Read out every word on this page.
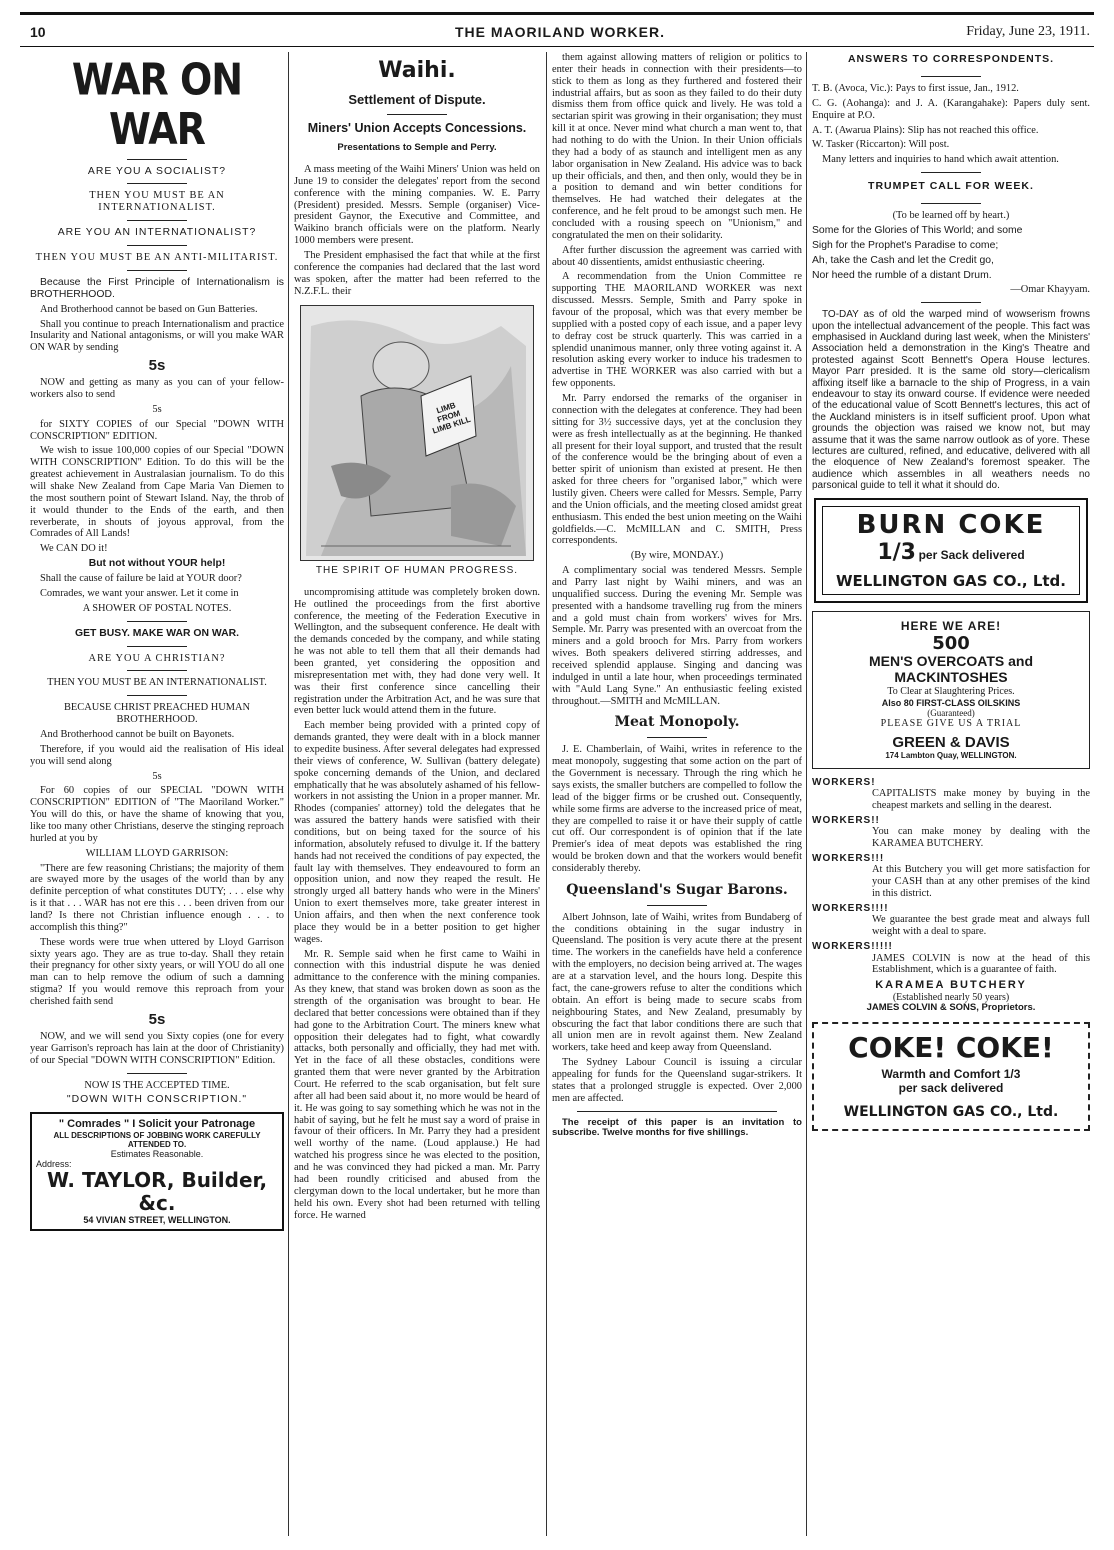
10	THE MAORILAND WORKER.	Friday, June 23, 1911.
WAR ON WAR

ARE YOU A SOCIALIST?

THEN YOU MUST BE AN INTERNATIONALIST.

ARE YOU AN INTERNATIONALIST?

THEN YOU MUST BE AN ANTI-MILITARIST.

Because the First Principle of Internationalism is BROTHERHOOD.

And Brotherhood cannot be based on Gun Batteries.

Shall you continue to preach Internationalism and practice Insularity and National antagonisms, or will you make WAR ON WAR by sending

5s

NOW and getting as many as you can of your fellow-workers also to send

5s

for SIXTY COPIES of our Special "DOWN WITH CONSCRIPTION" EDITION.

We wish to issue 100,000 copies of our Special "DOWN WITH CONSCRIPTION" Edition. To do this will be the greatest achievement in Australasian journalism. To do this will shake New Zealand from Cape Maria Van Diemen to the most southern point of Stewart Island. Nay, the throb of it would thunder to the Ends of the earth, and then reverberate, in shouts of joyous approval, from the Comrades of All Lands!

We CAN DO it!

But not without YOUR help!

Shall the cause of failure be laid at YOUR door?

Comrades, we want your answer. Let it come in

A SHOWER OF POSTAL NOTES.

GET BUSY. MAKE WAR ON WAR.

ARE YOU A CHRISTIAN?

THEN YOU MUST BE AN INTERNATIONALIST.

BECAUSE CHRIST PREACHED HUMAN BROTHERHOOD.

And Brotherhood cannot be built on Bayonets.

Therefore, if you would aid the realisation of His ideal you will send along

5s

For 60 copies of our SPECIAL "DOWN WITH CONSCRIPTION" EDITION of "The Maoriland Worker." You will do this, or have the shame of knowing that you, like too many other Christians, deserve the stinging reproach hurled at you by

WILLIAM LLOYD GARRISON:

"There are few reasoning Christians; the majority of them are swayed more by the usages of the world than by any definite perception of what constitutes DUTY; . . . else why is it that . . . WAR has not ere this . . . been driven from our land? Is there not Christian influence enough . . . to accomplish this thing?"

These words were true when uttered by Lloyd Garrison sixty years ago. They are as true to-day. Shall they retain their pregnancy for other sixty years, or will YOU do all one man can to help remove the odium of such a damning stigma? If you would remove this reproach from your cherished faith send

5s

NOW, and we will send you Sixty copies (one for every year Garrison's reproach has lain at the door of Christianity) of our Special "DOWN WITH CONSCRIPTION" Edition.

NOW IS THE ACCEPTED TIME.

"DOWN WITH CONSCRIPTION."

" Comrades " I Solicit your Patronage
ALL DESCRIPTIONS OF JOBBING WORK CAREFULLY ATTENDED TO.
Estimates Reasonable.
Address:
W. TAYLOR, Builder, &c.
54 VIVIAN STREET, WELLINGTON.
Waihi.
Settlement of Dispute.
Miners' Union Accepts Concessions.
Presentations to Semple and Perry.

A mass meeting of the Waihi Miners' Union was held on June 19 to consider the delegates' report from the second conference with the mining companies. W. E. Parry (President) presided. Messrs. Semple (organiser) Vice-president Gaynor, the Executive and Committee, and Waikino branch officials were on the platform. Nearly 1000 members were present.

The President emphasised the fact that while at the first conference the companies had declared that the last word was spoken, after the matter had been referred to the N.Z.F.L. their

LIMB FROM LIMB KILL
THE SPIRIT OF HUMAN PROGRESS.

uncompromising attitude was completely broken down. He outlined the proceedings from the first abortive conference, the meeting of the Federation Executive in Wellington, and the subsequent conference. He dealt with the demands conceded by the company, and while stating he was not able to tell them that all their demands had been granted, yet considering the opposition and misrepresentation met with, they had done very well. It was their first conference since cancelling their registration under the Arbitration Act, and he was sure that even better luck would attend them in the future.

Each member being provided with a printed copy of demands granted, they were dealt with in a block manner to expedite business. After several delegates had expressed their views of conference, W. Sullivan (battery delegate) spoke concerning demands of the Union, and declared emphatically that he was absolutely ashamed of his fellow-workers in not assisting the Union in a proper manner. Mr. Rhodes (companies' attorney) told the delegates that he was assured the battery hands were satisfied with their conditions, but on being taxed for the source of his information, absolutely refused to divulge it. If the battery hands had not received the conditions of pay expected, the fault lay with themselves. They endeavoured to form an opposition union, and now they reaped the result. He strongly urged all battery hands who were in the Miners' Union to exert themselves more, take greater interest in Union affairs, and then when the next conference took place they would be in a better position to get higher wages.

Mr. R. Semple said when he first came to Waihi in connection with this industrial dispute he was denied admittance to the conference with the mining companies. As they knew, that stand was broken down as soon as the strength of the organisation was brought to bear. He declared that better concessions were obtained than if they had gone to the Arbitration Court. The miners knew what opposition their delegates had to fight, what cowardly attacks, both personally and officially, they had met with. Yet in the face of all these obstacles, conditions were granted them that were never granted by the Arbitration Court. He referred to the scab organisation, but felt sure after all had been said about it, no more would be heard of it. He was going to say something which he was not in the habit of saying, but he felt he must say a word of praise in favour of their officers. In Mr. Parry they had a president well worthy of the name. (Loud applause.) He had watched his progress since he was elected to the position, and he was convinced they had picked a man. Mr. Parry had been roundly criticised and abused from the clergyman down to the local undertaker, but he more than held his own. Every shot had been returned with telling force. He warned

them against allowing matters of religion or politics to enter their heads in connection with their presidents—to stick to them as long as they furthered and fostered their industrial affairs, but as soon as they failed to do their duty dismiss them from office quick and lively. He was told a sectarian spirit was growing in their organisation; they must kill it at once. Never mind what church a man went to, that had nothing to do with the Union. In their Union officials they had a body of as staunch and intelligent men as any labor organisation in New Zealand. His advice was to back up their officials, and then, and then only, would they be in a position to demand and win better conditions for themselves. He had watched their delegates at the conference, and he felt proud to be amongst such men. He concluded with a rousing speech on "Unionism," and congratulated the men on their solidarity.

After further discussion the agreement was carried with about 40 dissentients, amidst enthusiastic cheering.

A recommendation from the Union Committee re supporting THE MAORILAND WORKER was next discussed. Messrs. Semple, Smith and Parry spoke in favour of the proposal, which was that every member be supplied with a posted copy of each issue, and a paper levy to defray cost be struck quarterly. This was carried in a splendid unanimous manner, only three voting against it. A resolution asking every worker to induce his tradesmen to advertise in THE WORKER was also carried with but a few opponents.

Mr. Parry endorsed the remarks of the organiser in connection with the delegates at conference. They had been sitting for 3½ successive days, yet at the conclusion they were as fresh intellectually as at the beginning. He thanked all present for their loyal support, and trusted that the result of the conference would be the bringing about of even a better spirit of unionism than existed at present. He then asked for three cheers for "organised labor," which were lustily given. Cheers were called for Messrs. Semple, Parry and the Union officials, and the meeting closed amidst great enthusiasm. This ended the best union meeting on the Waihi goldfields.—C. McMILLAN and C. SMITH, Press correspondents.

(By wire, MONDAY.)

A complimentary social was tendered Messrs. Semple and Parry last night by Waihi miners, and was an unqualified success. During the evening Mr. Semple was presented with a handsome travelling rug from the miners and a gold must chain from workers' wives for Mrs. Semple. Mr. Parry was presented with an overcoat from the miners and a gold brooch for Mrs. Parry from workers wives. Both speakers delivered stirring addresses, and received splendid applause. Singing and dancing was indulged in until a late hour, when proceedings terminated with "Auld Lang Syne." An enthusiastic feeling existed throughout.—SMITH and McMILLAN.

Meat Monopoly.

J. E. Chamberlain, of Waihi, writes in reference to the meat monopoly, suggesting that some action on the part of the Government is necessary. Through the ring which he says exists, the smaller butchers are compelled to follow the lead of the bigger firms or be crushed out. Consequently, while some firms are adverse to the increased price of meat, they are compelled to raise it or have their supply of cattle cut off. Our correspondent is of opinion that if the late Premier's idea of meat depots was established the ring would be broken down and that the workers would benefit considerably thereby.

Queensland's Sugar Barons.

Albert Johnson, late of Waihi, writes from Bundaberg of the conditions obtaining in the sugar industry in Queensland. The position is very acute there at the present time. The workers in the canefields have held a conference with the employers, no decision being arrived at. The wages are at a starvation level, and the hours long. Despite this fact, the cane-growers refuse to alter the conditions which obtain. An effort is being made to secure scabs from neighbouring States, and New Zealand, presumably by obscuring the fact that labor conditions there are such that all union men are in revolt against them. New Zealand workers, take heed and keep away from Queensland.

The Sydney Labour Council is issuing a circular appealing for funds for the Queensland sugar-strikers. It states that a prolonged struggle is expected. Over 2,000 men are affected.

The receipt of this paper is an invitation to subscribe. Twelve months for five shillings.

ANSWERS TO CORRESPONDENTS.

T. B. (Avoca, Vic.): Pays to first issue, Jan., 1912.

C. G. (Aohanga): and J. A. (Karangahake): Papers duly sent. Enquire at P.O.

A. T. (Awarua Plains): Slip has not reached this office.

W. Tasker (Riccarton): Will post.

Many letters and inquiries to hand which await attention.

TRUMPET CALL FOR WEEK.

(To be learned off by heart.)

Some for the Glories of This World; and some

Sigh for the Prophet's Paradise to come;

Ah, take the Cash and let the Credit go,

Nor heed the rumble of a distant Drum.

—Omar Khayyam.

TO-DAY as of old the warped mind of wowserism frowns upon the intellectual advancement of the people. This fact was emphasised in Auckland during last week, when the Ministers' Association held a demonstration in the King's Theatre and protested against Scott Bennett's Opera House lectures. Mayor Parr presided. It is the same old story—clericalism affixing itself like a barnacle to the ship of Progress, in a vain endeavour to stay its onward course. If evidence were needed of the educational value of Scott Bennett's lectures, this act of the Auckland ministers is in itself sufficient proof. Upon what grounds the objection was raised we know not, but may assume that it was the same narrow outlook as of yore. These lectures are cultured, refined, and educative, delivered with all the eloquence of New Zealand's foremost speaker. The audience which assembles in all weathers needs no parsonical guide to tell it what it should do.

BURN COKE
1/3 per Sack delivered
WELLINGTON GAS CO., Ltd.
HERE WE ARE!
500
MEN'S OVERCOATS and MACKINTOSHES
To Clear at Slaughtering Prices.
Also 80 FIRST-CLASS OILSKINS
(Guaranteed)
PLEASE GIVE US A TRIAL
GREEN & DAVIS
174 Lambton Quay, WELLINGTON.
WORKERS!

CAPITALISTS make money by buying in the cheapest markets and selling in the dearest.

WORKERS!!

You can make money by dealing with the KARAMEA BUTCHERY.

WORKERS!!!

At this Butchery you will get more satisfaction for your CASH than at any other premises of the kind in this district.

WORKERS!!!!

We guarantee the best grade meat and always full weight with a deal to spare.

WORKERS!!!!!

JAMES COLVIN is now at the head of this Establishment, which is a guarantee of faith.

KARAMEA BUTCHERY
(Established nearly 50 years)
JAMES COLVIN & SONS, Proprietors.
COKE! COKE!
Warmth and Comfort 1/3
per sack delivered
WELLINGTON GAS CO., Ltd.
